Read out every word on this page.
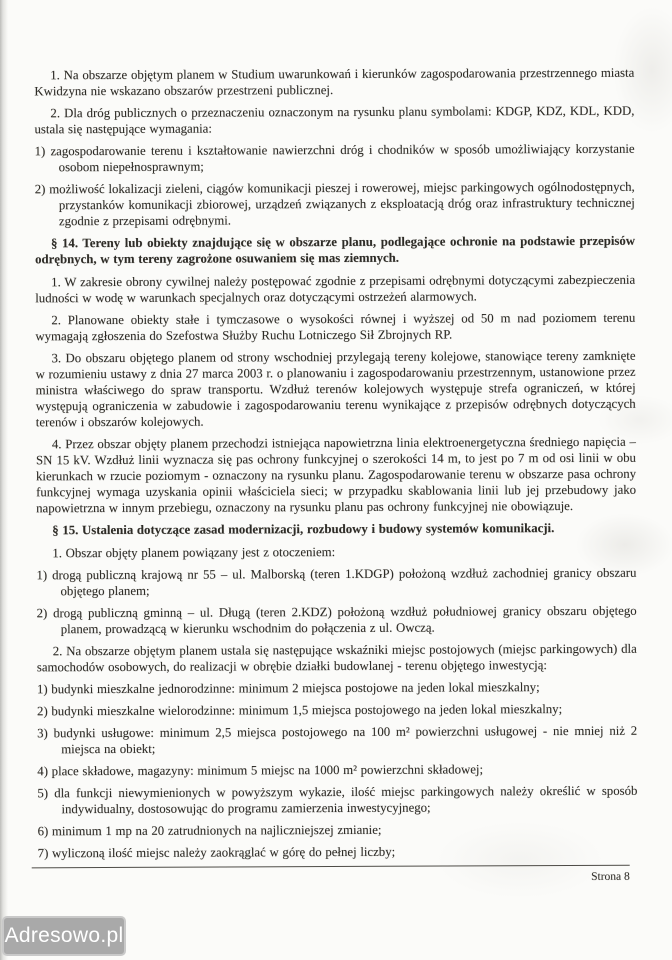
1. Na obszarze objętym planem w Studium uwarunkowań i kierunków zagospodarowania przestrzennego miasta Kwidzyna nie wskazano obszarów przestrzeni publicznej.

2. Dla dróg publicznych o przeznaczeniu oznaczonym na rysunku planu symbolami: KDGP, KDZ, KDL, KDD, ustala się następujące wymagania:

1) zagospodarowanie terenu i kształtowanie nawierzchni dróg i chodników w sposób umożliwiający korzystanie osobom niepełnosprawnym;

2) możliwość lokalizacji zieleni, ciągów komunikacji pieszej i rowerowej, miejsc parkingowych ogólnodostępnych, przystanków komunikacji zbiorowej, urządzeń związanych z eksploatacją dróg oraz infrastruktury technicznej zgodnie z przepisami odrębnymi.

§ 14. Tereny lub obiekty znajdujące się w obszarze planu, podlegające ochronie na podstawie przepisów odrębnych, w tym tereny zagrożone osuwaniem się mas ziemnych.

1. W zakresie obrony cywilnej należy postępować zgodnie z przepisami odrębnymi dotyczącymi zabezpieczenia ludności w wodę w warunkach specjalnych oraz dotyczącymi ostrzeżeń alarmowych.

2. Planowane obiekty stałe i tymczasowe o wysokości równej i wyższej od 50 m nad poziomem terenu wymagają zgłoszenia do Szefostwa Służby Ruchu Lotniczego Sił Zbrojnych RP.

3. Do obszaru objętego planem od strony wschodniej przylegają tereny kolejowe, stanowiące tereny zamknięte w rozumieniu ustawy z dnia 27 marca 2003 r. o planowaniu i zagospodarowaniu przestrzennym, ustanowione przez ministra właściwego do spraw transportu. Wzdłuż terenów kolejowych występuje strefa ograniczeń, w której występują ograniczenia w zabudowie i zagospodarowaniu terenu wynikające z przepisów odrębnych dotyczących terenów i obszarów kolejowych.

4. Przez obszar objęty planem przechodzi istniejąca napowietrzna linia elektroenergetyczna średniego napięcia – SN 15 kV. Wzdłuż linii wyznacza się pas ochrony funkcyjnej o szerokości 14 m, to jest po 7 m od osi linii w obu kierunkach w rzucie poziomym - oznaczony na rysunku planu. Zagospodarowanie terenu w obszarze pasa ochrony funkcyjnej wymaga uzyskania opinii właściciela sieci; w przypadku skablowania linii lub jej przebudowy jako napowietrzna w innym przebiegu, oznaczony na rysunku planu pas ochrony funkcyjnej nie obowiązuje.

§ 15. Ustalenia dotyczące zasad modernizacji, rozbudowy i budowy systemów komunikacji.

1. Obszar objęty planem powiązany jest z otoczeniem:

1) drogą publiczną krajową nr 55 – ul. Malborską (teren 1.KDGP) położoną wzdłuż zachodniej granicy obszaru objętego planem;

2) drogą publiczną gminną – ul. Długą (teren 2.KDZ) położoną wzdłuż południowej granicy obszaru objętego planem, prowadzącą w kierunku wschodnim do połączenia z ul. Owczą.

2. Na obszarze objętym planem ustala się następujące wskaźniki miejsc postojowych (miejsc parkingowych) dla samochodów osobowych, do realizacji w obrębie działki budowlanej - terenu objętego inwestycją:

1) budynki mieszkalne jednorodzinne: minimum 2 miejsca postojowe na jeden lokal mieszkalny;

2) budynki mieszkalne wielorodzinne: minimum 1,5 miejsca postojowego na jeden lokal mieszkalny;

3) budynki usługowe: minimum 2,5 miejsca postojowego na 100 m² powierzchni usługowej - nie mniej niż 2 miejsca na obiekt;

4) place składowe, magazyny: minimum 5 miejsc na 1000 m² powierzchni składowej;

5) dla funkcji niewymienionych w powyższym wykazie, ilość miejsc parkingowych należy określić w sposób indywidualny, dostosowując do programu zamierzenia inwestycyjnego;

6) minimum 1 mp na 20 zatrudnionych na najliczniejszej zmianie;

7) wyliczoną ilość miejsc należy zaokrąglać w górę do pełnej liczby;

Strona 8
Adresowo.pl
